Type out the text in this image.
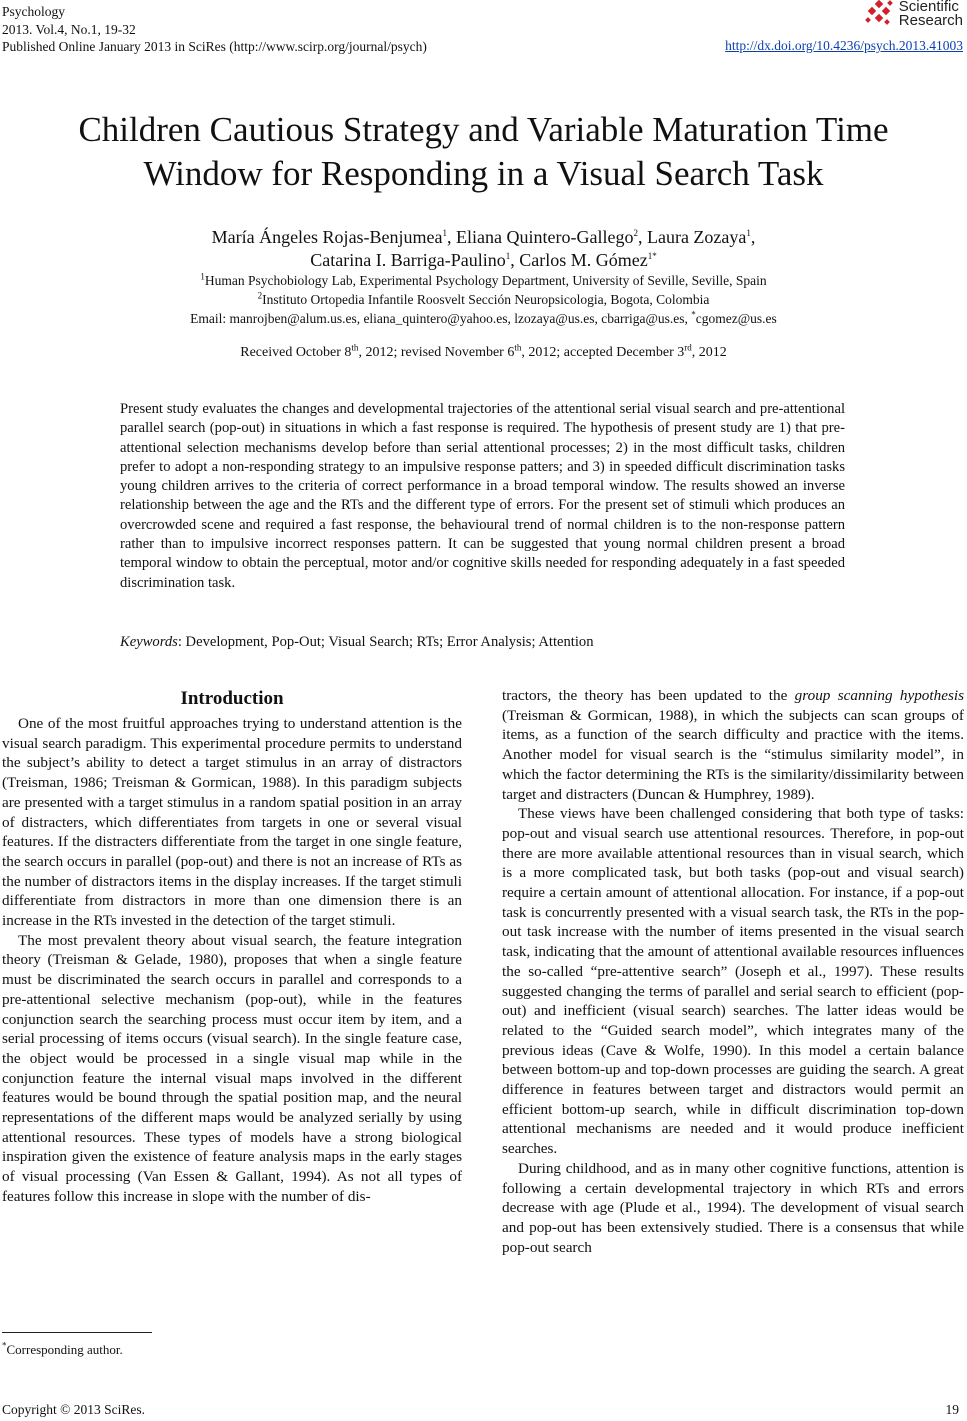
Psychology
2013. Vol.4, No.1, 19-32
Published Online January 2013 in SciRes (http://www.scirp.org/journal/psych)
Scientific
Research
http://dx.doi.org/10.4236/psych.2013.41003
Children Cautious Strategy and Variable Maturation Time
Window for Responding in a Visual Search Task
María Ángeles Rojas-Benjumea$^1$, Eliana Quintero-Gallego$^2$, Laura Zozaya$^1$,
Catarina I. Barriga-Paulino$^1$, Carlos M. Gómez$^{1*}$
$^1$Human Psychobiology Lab, Experimental Psychology Department, University of Seville, Seville, Spain
$^2$Instituto Ortopedia Infantile Roosvelt Sección Neuropsicologia, Bogota, Colombia
Email: manrojben@alum.us.es, eliana_quintero@yahoo.es, lzozaya@us.es, cbarriga@us.es, *cgomez@us.es
Received October 8th, 2012; revised November 6th, 2012; accepted December 3rd, 2012

Present study evaluates the changes and developmental trajectories of the attentional serial visual search and pre-attentional parallel search (pop-out) in situations in which a fast response is required. The hypothesis of present study are 1) that pre-attentional selection mechanisms develop before than serial attentional processes; 2) in the most difficult tasks, children prefer to adopt a non-responding strategy to an impulsive response patters; and 3) in speeded difficult discrimination tasks young children arrives to the criteria of correct performance in a broad temporal window. The results showed an inverse relationship between the age and the RTs and the different type of errors. For the present set of stimuli which produces an overcrowded scene and required a fast response, the behavioural trend of normal children is to the non-response pattern rather than to impulsive incorrect responses pattern. It can be suggested that young normal children present a broad temporal window to obtain the perceptual, motor and/or cognitive skills needed for responding adequately in a fast speeded discrimination task.

Keywords: Development, Pop-Out; Visual Search; RTs; Error Analysis; Attention

Introduction

One of the most fruitful approaches trying to understand attention is the visual search paradigm. This experimental procedure permits to understand the subject’s ability to detect a target stimulus in an array of distractors (Treisman, 1986; Treisman & Gormican, 1988). In this paradigm subjects are presented with a target stimulus in a random spatial position in an array of distracters, which differentiates from targets in one or several visual features. If the distracters differentiate from the target in one single feature, the search occurs in parallel (pop-out) and there is not an increase of RTs as the number of distractors items in the display increases. If the target stimuli differentiate from distractors in more than one dimension there is an increase in the RTs invested in the detection of the target stimuli.

The most prevalent theory about visual search, the feature integration theory (Treisman & Gelade, 1980), proposes that when a single feature must be discriminated the search occurs in parallel and corresponds to a pre-attentional selective mechanism (pop-out), while in the features conjunction search the searching process must occur item by item, and a serial processing of items occurs (visual search). In the single feature case, the object would be processed in a single visual map while in the conjunction feature the internal visual maps involved in the different features would be bound through the spatial position map, and the neural representations of the different maps would be analyzed serially by using attentional resources. These types of models have a strong biological inspiration given the existence of feature analysis maps in the early stages of visual processing (Van Essen & Gallant, 1994). As not all types of features follow this increase in slope with the number of dis-

tractors, the theory has been updated to the group scanning hypothesis (Treisman & Gormican, 1988), in which the subjects can scan groups of items, as a function of the search difficulty and practice with the items. Another model for visual search is the “stimulus similarity model”, in which the factor determining the RTs is the similarity/dissimilarity between target and distracters (Duncan & Humphrey, 1989).

These views have been challenged considering that both type of tasks: pop-out and visual search use attentional resources. Therefore, in pop-out there are more available attentional resources than in visual search, which is a more complicated task, but both tasks (pop-out and visual search) require a certain amount of attentional allocation. For instance, if a pop-out task is concurrently presented with a visual search task, the RTs in the pop-out task increase with the number of items presented in the visual search task, indicating that the amount of attentional available resources influences the so-called “pre-attentive search” (Joseph et al., 1997). These results suggested changing the terms of parallel and serial search to efficient (pop-out) and inefficient (visual search) searches. The latter ideas would be related to the “Guided search model”, which integrates many of the previous ideas (Cave & Wolfe, 1990). In this model a certain balance between bottom-up and top-down processes are guiding the search. A great difference in features between target and distractors would permit an efficient bottom-up search, while in difficult discrimination top-down attentional mechanisms are needed and it would produce inefficient searches.

During childhood, and as in many other cognitive functions, attention is following a certain developmental trajectory in which RTs and errors decrease with age (Plude et al., 1994). The development of visual search and pop-out has been extensively studied. There is a consensus that while pop-out search

*Corresponding author.
Copyright © 2013 SciRes.	19
